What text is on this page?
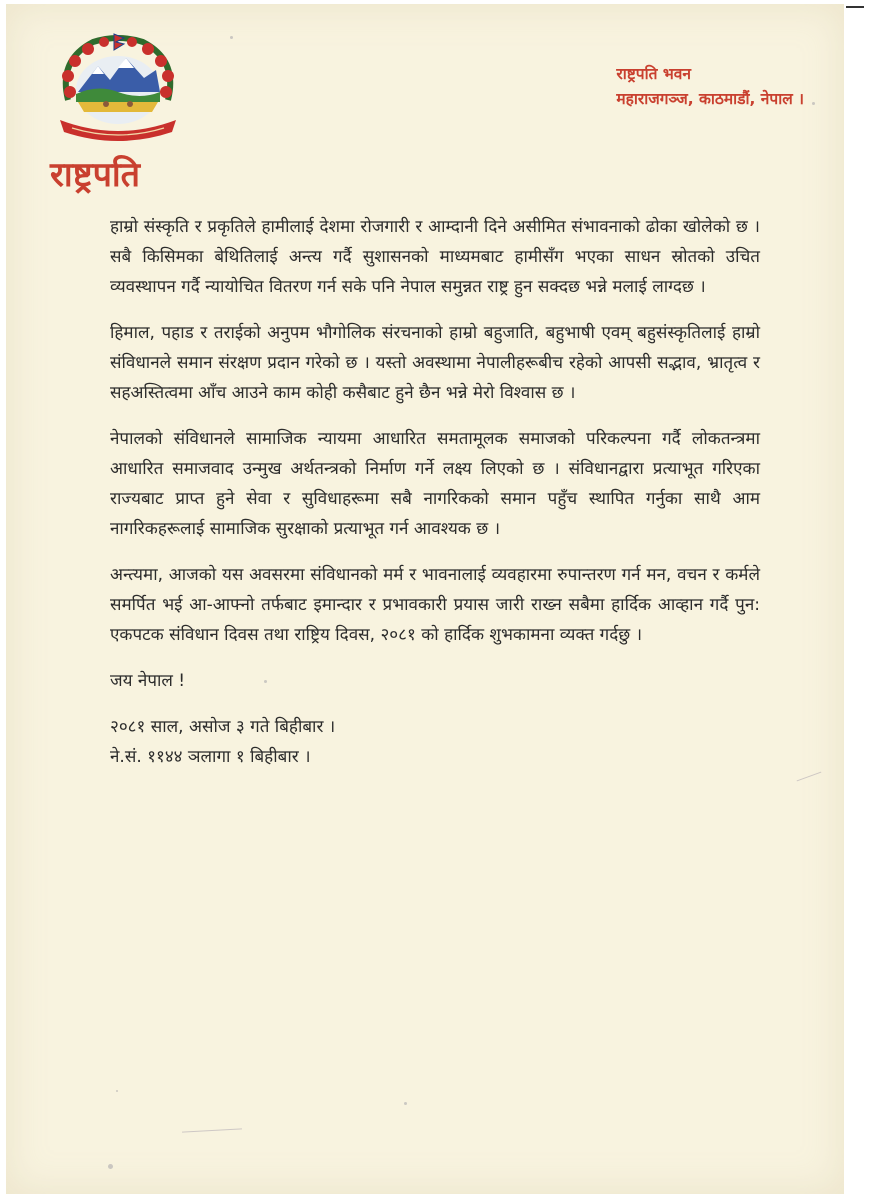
राष्ट्रपति
राष्ट्रपति भवन
महाराजगञ्ज, काठमाडौं, नेपाल ।

हाम्रो संस्कृति र प्रकृतिले हामीलाई देशमा रोजगारी र आम्दानी दिने असीमित संभावनाको ढोका खोलेको छ । सबै किसिमका बेथितिलाई अन्त्य गर्दै सुशासनको माध्यमबाट हामीसँग भएका साधन स्रोतको उचित व्यवस्थापन गर्दै न्यायोचित वितरण गर्न सके पनि नेपाल समुन्नत राष्ट्र हुन सक्दछ भन्ने मलाई लाग्दछ ।

हिमाल, पहाड र तराईको अनुपम भौगोलिक संरचनाको हाम्रो बहुजाति, बहुभाषी एवम् बहुसंस्कृतिलाई हाम्रो संविधानले समान संरक्षण प्रदान गरेको छ । यस्तो अवस्थामा नेपालीहरूबीच रहेको आपसी सद्भाव, भ्रातृत्व र सहअस्तित्वमा आँच आउने काम कोही कसैबाट हुने छैन भन्ने मेरो विश्वास छ ।

नेपालको संविधानले सामाजिक न्यायमा आधारित समतामूलक समाजको परिकल्पना गर्दै लोकतन्त्रमा आधारित समाजवाद उन्मुख अर्थतन्त्रको निर्माण गर्ने लक्ष्य लिएको छ । संविधानद्वारा प्रत्याभूत गरिएका राज्यबाट प्राप्त हुने सेवा र सुविधाहरूमा सबै नागरिकको समान पहुँच स्थापित गर्नुका साथै आम नागरिकहरूलाई सामाजिक सुरक्षाको प्रत्याभूत गर्न आवश्यक छ ।

अन्त्यमा, आजको यस अवसरमा संविधानको मर्म र भावनालाई व्यवहारमा रुपान्तरण गर्न मन, वचन र कर्मले समर्पित भई आ-आफ्नो तर्फबाट इमान्दार र प्रभावकारी प्रयास जारी राख्न सबैमा हार्दिक आव्हान गर्दै पुन: एकपटक संविधान दिवस तथा राष्ट्रिय दिवस, २०८१ को हार्दिक शुभकामना व्यक्त गर्दछु ।

जय नेपाल !
२०८१ साल, असोज ३ गते बिहीबार ।
ने.सं. ११४४ ञलागा १ बिहीबार ।
